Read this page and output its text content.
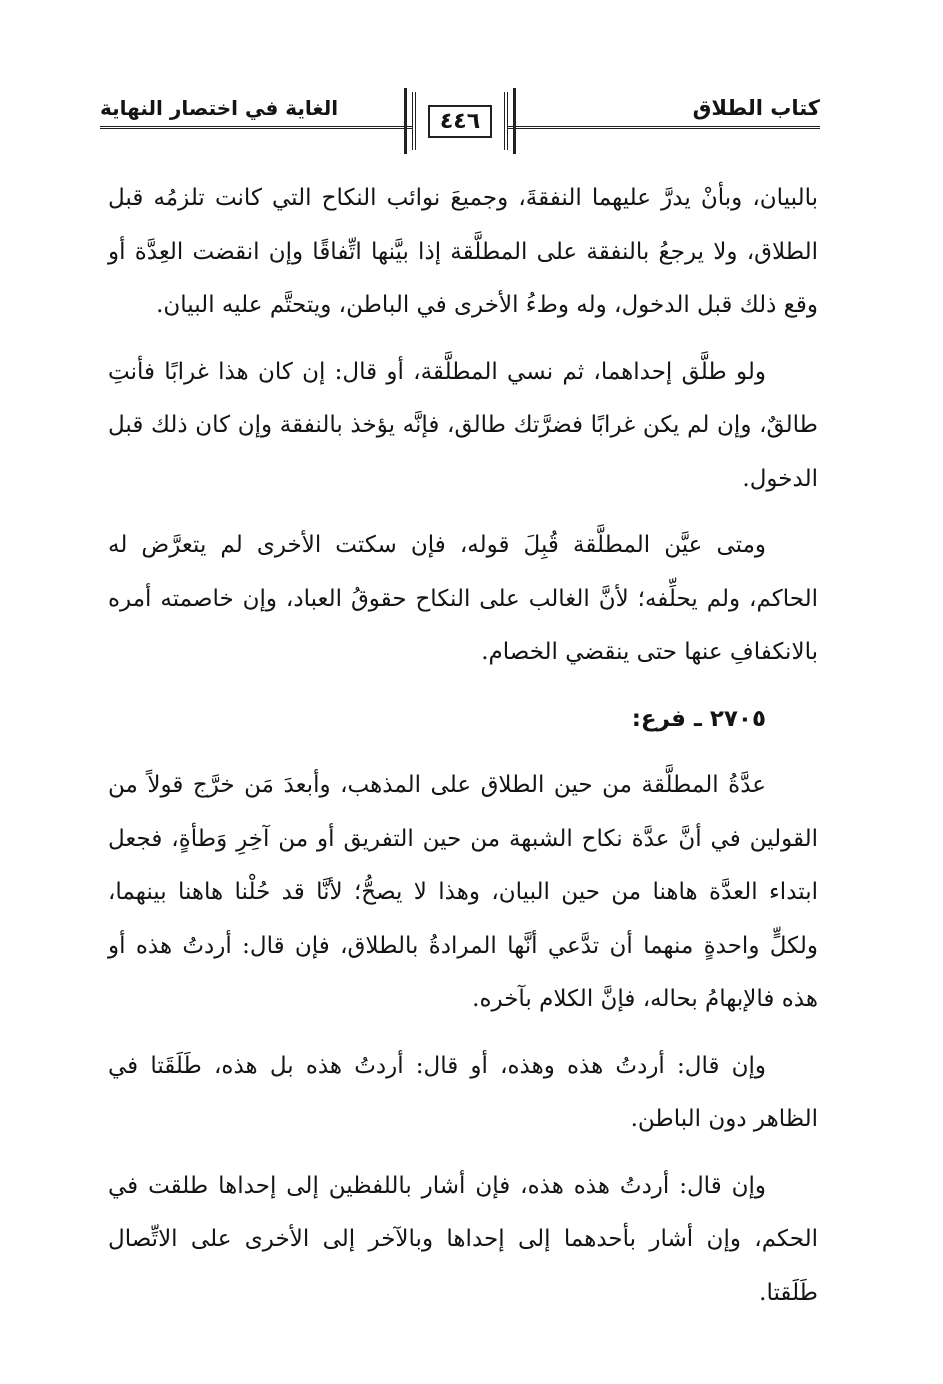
الغاية في اختصار النهاية
٤٤٦
كتاب الطلاق

بالبيان، وبأنْ يدرَّ عليهما النفقةَ، وجميعَ نوائب النكاح التي كانت تلزمُه قبل الطلاق، ولا يرجعُ بالنفقة على المطلَّقة إذا بيَّنها اتِّفاقًا وإن انقضت العِدَّة أو وقع ذلك قبل الدخول، وله وطءُ الأخرى في الباطن، ويتحتَّم عليه البيان.

ولو طلَّق إحداهما، ثم نسي المطلَّقة، أو قال: إن كان هذا غرابًا فأنتِ طالقٌ، وإن لم يكن غرابًا فضرَّتك طالق، فإنَّه يؤخذ بالنفقة وإن كان ذلك قبل الدخول.

ومتى عيَّن المطلَّقة قُبِلَ قوله، فإن سكتت الأخرى لم يتعرَّض له الحاكم، ولم يحلِّفه؛ لأنَّ الغالب على النكاح حقوقُ العباد، وإن خاصمته أمره بالانكفافِ عنها حتى ينقضي الخصام.

٢٧٠٥ ـ فرع:

عدَّةُ المطلَّقة من حين الطلاق على المذهب، وأبعدَ مَن خرَّج قولاً من القولين في أنَّ عدَّة نكاح الشبهة من حين التفريق أو من آخِرِ وَطأةٍ، فجعل ابتداء العدَّة هاهنا من حين البيان، وهذا لا يصحُّ؛ لأنَّا قد حُلْنا هاهنا بينهما، ولكلٍّ واحدةٍ منهما أن تدَّعي أنَّها المرادةُ بالطلاق، فإن قال: أردتُ هذه أو هذه فالإبهامُ بحاله، فإنَّ الكلام بآخره.

وإن قال: أردتُ هذه وهذه، أو قال: أردتُ هذه بل هذه، طَلَقَتا في الظاهر دون الباطن.

وإن قال: أردتُ هذه هذه، فإن أشار باللفظين إلى إحداها طلقت في الحكم، وإن أشار بأحدهما إلى إحداها وبالآخر إلى الأخرى على الاتِّصال طَلَقتا.
